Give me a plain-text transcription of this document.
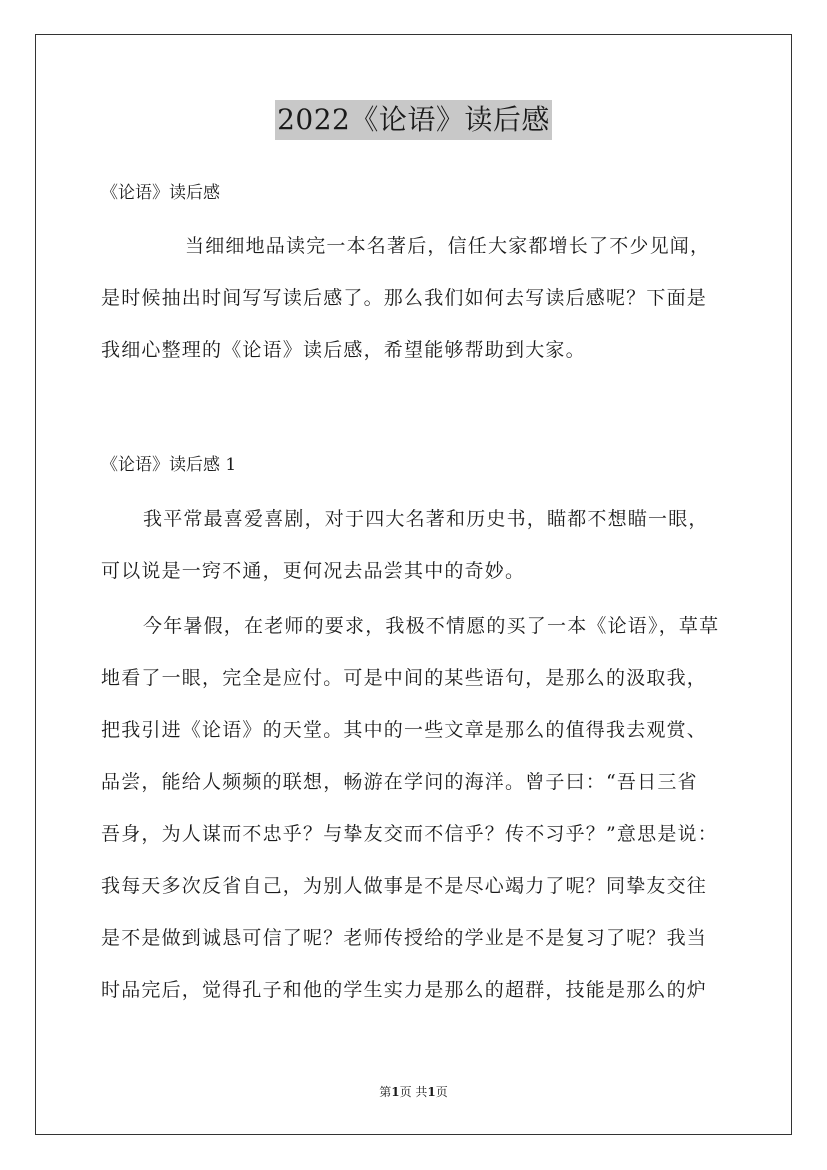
2022《论语》读后感
《论语》读后感
当细细地品读完一本名著后，信任大家都增长了不少见闻，
是时候抽出时间写写读后感了。那么我们如何去写读后感呢？下面是
我细心整理的《论语》读后感，希望能够帮助到大家。
《论语》读后感 1
我平常最喜爱喜剧，对于四大名著和历史书，瞄都不想瞄一眼，
可以说是一窍不通，更何况去品尝其中的奇妙。
今年暑假，在老师的要求，我极不情愿的买了一本《论语》，草草
地看了一眼，完全是应付。可是中间的某些语句，是那么的汲取我，
把我引进《论语》的天堂。其中的一些文章是那么的值得我去观赏、
品尝，能给人频频的联想，畅游在学问的海洋。曾子曰：“吾日三省
吾身，为人谋而不忠乎？与挚友交而不信乎？传不习乎？”意思是说：
我每天多次反省自己，为别人做事是不是尽心竭力了呢？同挚友交往
是不是做到诚恳可信了呢？老师传授给的学业是不是复习了呢？我当
时品完后，觉得孔子和他的学生实力是那么的超群，技能是那么的炉
第1页 共1页
